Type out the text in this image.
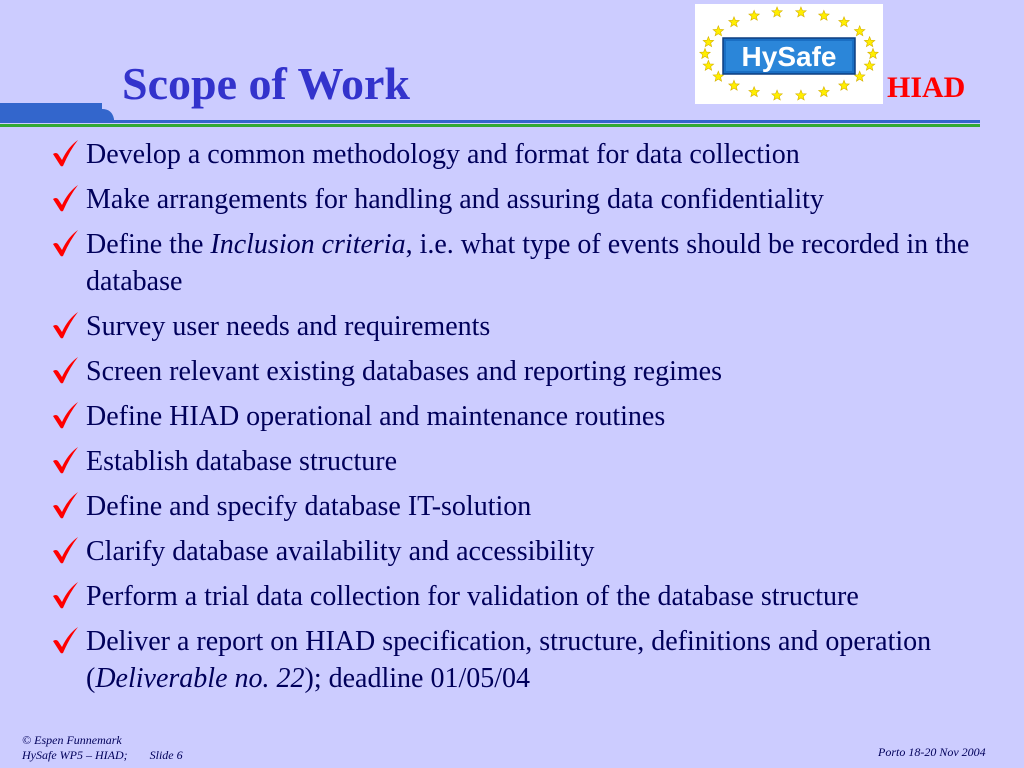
Scope of Work
HySafe
HIAD
Develop a common methodology and format for data collection
Make arrangements for handling and assuring data confidentiality
Define the Inclusion criteria, i.e. what type of events should be recorded in the database
Survey user needs and requirements
Screen relevant existing databases and reporting regimes
Define HIAD operational and maintenance routines
Establish database structure
Define and specify database IT-solution
Clarify database availability and accessibility
Perform a trial data collection for validation of the database structure
Deliver a report on HIAD specification, structure, definitions and operation (Deliverable no. 22); deadline 01/05/04
© Espen Funnemark
HySafe WP5 – HIAD; Slide 6	Porto 18-20 Nov 2004
